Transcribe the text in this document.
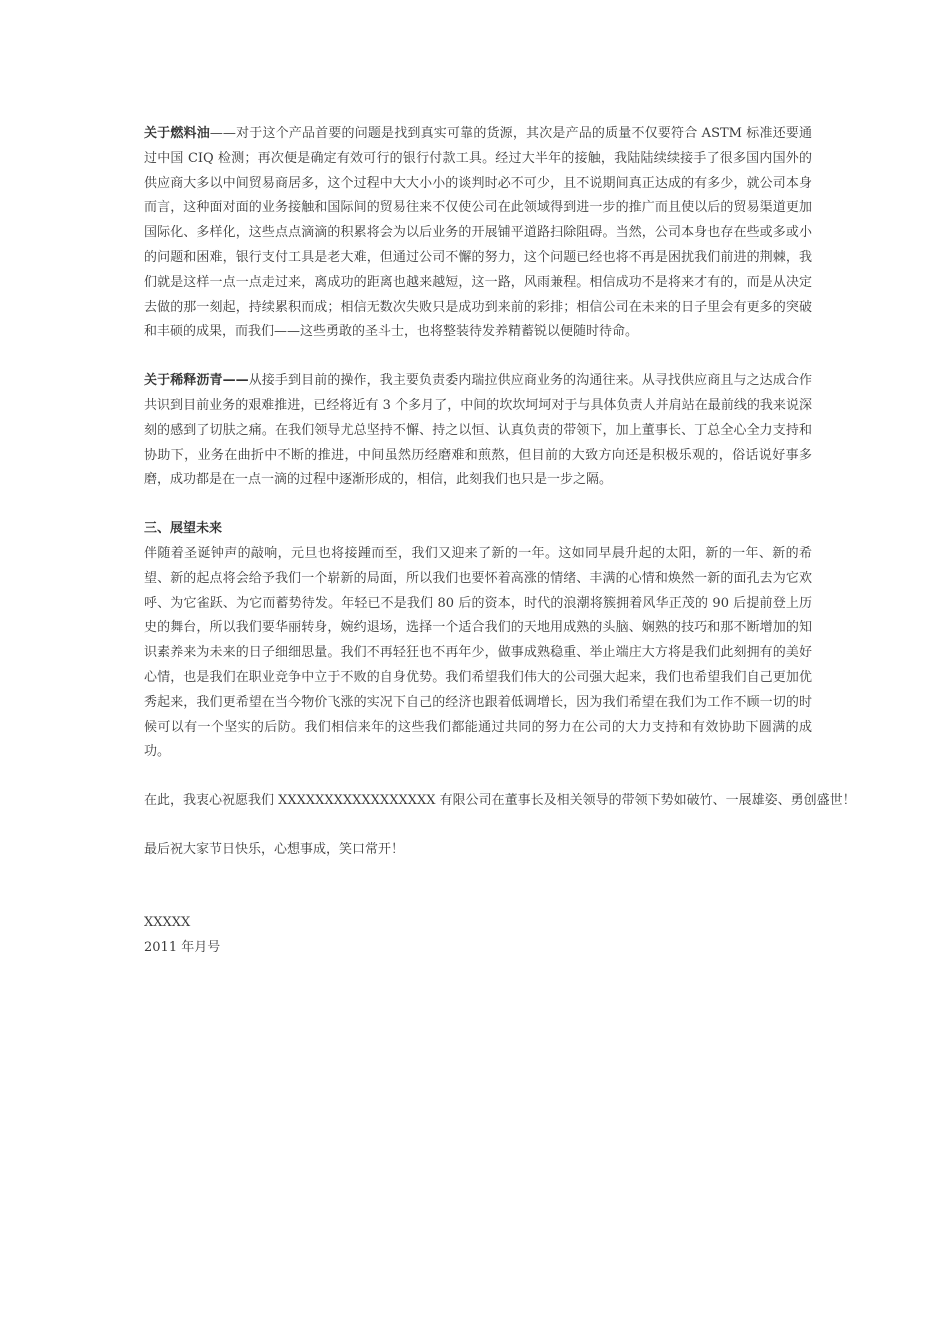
关于燃料油——对于这个产品首要的问题是找到真实可靠的货源，其次是产品的质量不仅要符合 ASTM 标准还要通过中国 CIQ 检测；再次便是确定有效可行的银行付款工具。经过大半年的接触，我陆陆续续接手了很多国内国外的供应商大多以中间贸易商居多，这个过程中大大小小的谈判时必不可少，且不说期间真正达成的有多少，就公司本身而言，这种面对面的业务接触和国际间的贸易往来不仅使公司在此领域得到进一步的推广而且使以后的贸易渠道更加国际化、多样化，这些点点滴滴的积累将会为以后业务的开展铺平道路扫除阻碍。当然，公司本身也存在些或多或小的问题和困难，银行支付工具是老大难，但通过公司不懈的努力，这个问题已经也将不再是困扰我们前进的荆棘，我们就是这样一点一点走过来，离成功的距离也越来越短，这一路，风雨兼程。相信成功不是将来才有的，而是从决定去做的那一刻起，持续累积而成；相信无数次失败只是成功到来前的彩排；相信公司在未来的日子里会有更多的突破和丰硕的成果，而我们——这些勇敢的圣斗士，也将整装待发养精蓄锐以便随时待命。

关于稀释沥青——从接手到目前的操作，我主要负责委内瑞拉供应商业务的沟通往来。从寻找供应商且与之达成合作共识到目前业务的艰难推进，已经将近有 3 个多月了，中间的坎坎坷坷对于与具体负责人并肩站在最前线的我来说深刻的感到了切肤之痛。在我们领导尤总坚持不懈、持之以恒、认真负责的带领下，加上董事长、丁总全心全力支持和协助下，业务在曲折中不断的推进，中间虽然历经磨难和煎熬，但目前的大致方向还是积极乐观的，俗话说好事多磨，成功都是在一点一滴的过程中逐渐形成的，相信，此刻我们也只是一步之隔。

三、展望未来

伴随着圣诞钟声的敲响，元旦也将接踵而至，我们又迎来了新的一年。这如同早晨升起的太阳，新的一年、新的希望、新的起点将会给予我们一个崭新的局面，所以我们也要怀着高涨的情绪、丰满的心情和焕然一新的面孔去为它欢呼、为它雀跃、为它而蓄势待发。年轻已不是我们 80 后的资本，时代的浪潮将簇拥着风华正茂的 90 后提前登上历史的舞台，所以我们要华丽转身，婉约退场，选择一个适合我们的天地用成熟的头脑、娴熟的技巧和那不断增加的知识素养来为未来的日子细细思量。我们不再轻狂也不再年少，做事成熟稳重、举止端庄大方将是我们此刻拥有的美好心情，也是我们在职业竞争中立于不败的自身优势。我们希望我们伟大的公司强大起来，我们也希望我们自己更加优秀起来，我们更希望在当今物价飞涨的实况下自己的经济也跟着低调增长，因为我们希望在我们为工作不顾一切的时候可以有一个坚实的后防。我们相信来年的这些我们都能通过共同的努力在公司的大力支持和有效协助下圆满的成功。

在此，我衷心祝愿我们 XXXXXXXXXXXXXXXXX 有限公司在董事长及相关领导的带领下势如破竹、一展雄姿、勇创盛世！

最后祝大家节日快乐，心想事成，笑口常开！

XXXXX

2011 年月号
